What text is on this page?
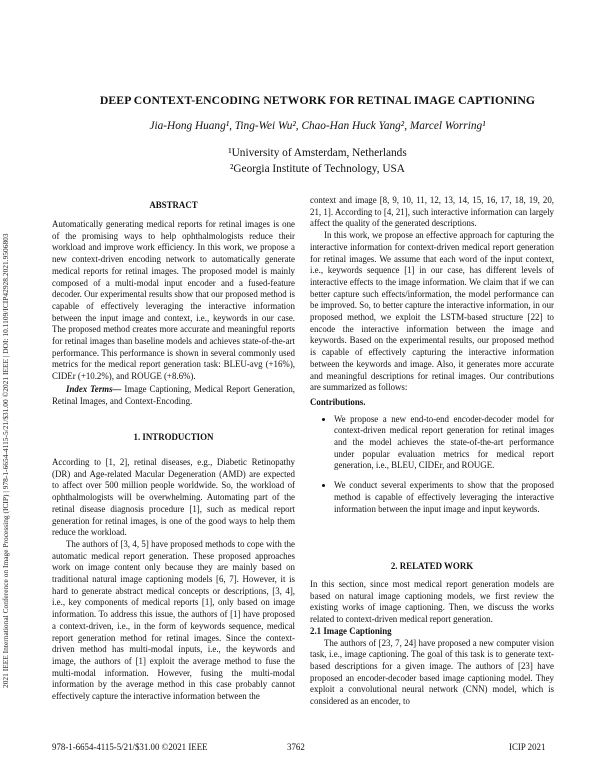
2021 IEEE International Conference on Image Processing (ICIP) | 978-1-6654-4115-5/21/$31.00 ©2021 IEEE | DOI: 10.1109/ICIP42928.2021.9506803
DEEP CONTEXT-ENCODING NETWORK FOR RETINAL IMAGE CAPTIONING
Jia-Hong Huang¹, Ting-Wei Wu², Chao-Han Huck Yang², Marcel Worring¹
¹University of Amsterdam, Netherlands
²Georgia Institute of Technology, USA
ABSTRACT

Automatically generating medical reports for retinal images is one of the promising ways to help ophthalmologists reduce their workload and improve work efficiency. In this work, we propose a new context-driven encoding network to automatically generate medical reports for retinal images. The proposed model is mainly composed of a multi-modal input encoder and a fused-feature decoder. Our experimental results show that our proposed method is capable of effectively leveraging the interactive information between the input image and context, i.e., keywords in our case. The proposed method creates more accurate and meaningful reports for retinal images than baseline models and achieves state-of-the-art performance. This performance is shown in several commonly used metrics for the medical report generation task: BLEU-avg (+16%), CIDEr (+10.2%), and ROUGE (+8.6%).

Index Terms— Image Captioning, Medical Report Generation, Retinal Images, and Context-Encoding.

1. INTRODUCTION

According to [1, 2], retinal diseases, e.g., Diabetic Retinopathy (DR) and Age-related Macular Degeneration (AMD) are expected to affect over 500 million people worldwide. So, the workload of ophthalmologists will be overwhelming. Automating part of the retinal disease diagnosis procedure [1], such as medical report generation for retinal images, is one of the good ways to help them reduce the workload.

The authors of [3, 4, 5] have proposed methods to cope with the automatic medical report generation. These proposed approaches work on image content only because they are mainly based on traditional natural image captioning models [6, 7]. However, it is hard to generate abstract medical concepts or descriptions, [3, 4], i.e., key components of medical reports [1], only based on image information. To address this issue, the authors of [1] have proposed a context-driven, i.e., in the form of keywords sequence, medical report generation method for retinal images. Since the context-driven method has multi-modal inputs, i.e., the keywords and image, the authors of [1] exploit the average method to fuse the multi-modal information. However, fusing the multi-modal information by the average method in this case probably cannot effectively capture the interactive information between the

context and image [8, 9, 10, 11, 12, 13, 14, 15, 16, 17, 18, 19, 20, 21, 1]. According to [4, 21], such interactive information can largely affect the quality of the generated descriptions.

In this work, we propose an effective approach for capturing the interactive information for context-driven medical report generation for retinal images. We assume that each word of the input context, i.e., keywords sequence [1] in our case, has different levels of interactive effects to the image information. We claim that if we can better capture such effects/information, the model performance can be improved. So, to better capture the interactive information, in our proposed method, we exploit the LSTM-based structure [22] to encode the interactive information between the image and keywords. Based on the experimental results, our proposed method is capable of effectively capturing the interactive information between the keywords and image. Also, it generates more accurate and meaningful descriptions for retinal images. Our contributions are summarized as follows:

Contributions.

• We propose a new end-to-end encoder-decoder model for context-driven medical report generation for retinal images and the model achieves the state-of-the-art performance under popular evaluation metrics for medical report generation, i.e., BLEU, CIDEr, and ROUGE.
• We conduct several experiments to show that the proposed method is capable of effectively leveraging the interactive information between the input image and input keywords.
2. RELATED WORK

In this section, since most medical report generation models are based on natural image captioning models, we first review the existing works of image captioning. Then, we discuss the works related to context-driven medical report generation.

2.1 Image Captioning

The authors of [23, 7, 24] have proposed a new computer vision task, i.e., image captioning. The goal of this task is to generate text-based descriptions for a given image. The authors of [23] have proposed an encoder-decoder based image captioning model. They exploit a convolutional neural network (CNN) model, which is considered as an encoder, to

978-1-6654-4115-5/21/$31.00 ©2021 IEEE	3762	ICIP 2021
